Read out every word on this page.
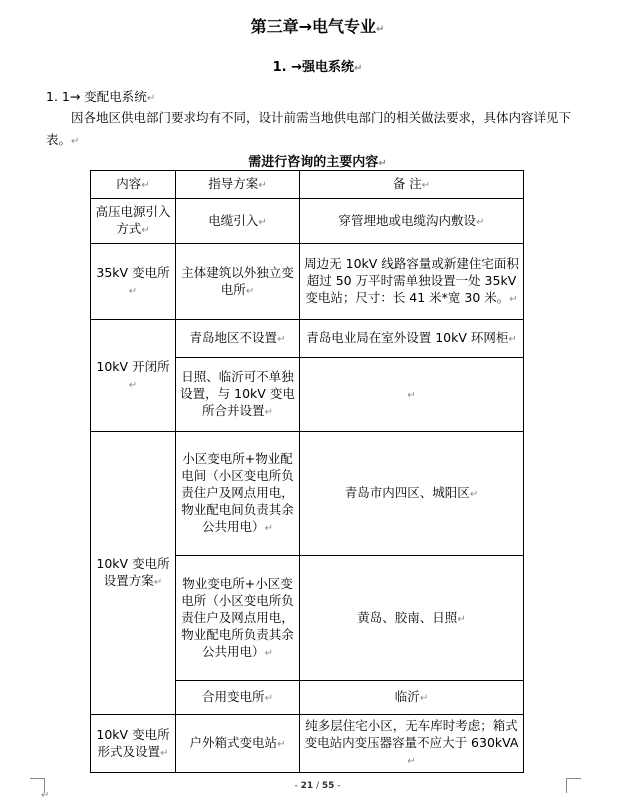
第三章→电气专业↵
1. →强电系统↵
1. 1→ 变配电系统↵
因各地区供电部门要求均有不同，设计前需当地供电部门的相关做法要求，具体内容详见下表。↵
需进行咨询的主要内容↵
内容↵	指导方案↵	备 注↵
高压电源引入方式↵	电缆引入↵	穿管埋地或电缆沟内敷设↵
35kV 变电所↵	主体建筑以外独立变电所↵	周边无 10kV 线路容量或新建住宅面积超过 50 万平时需单独设置一处 35kV 变电站；尺寸：长 41 米*宽 30 米。↵
10kV 开闭所↵	青岛地区不设置↵	青岛电业局在室外设置 10kV 环网柜↵
	日照、临沂可不单独设置，与 10kV 变电所合并设置↵	↵
10kV 变电所设置方案↵	小区变电所+物业配电间（小区变电所负责住户及网点用电，物业配电间负责其余公共用电）↵	青岛市内四区、城阳区↵
	物业变电所+小区变电所（小区变电所负责住户及网点用电，物业配电所负责其余公共用电）↵	黄岛、胶南、日照↵
	合用变电所↵	临沂↵
10kV 变电所形式及设置↵	户外箱式变电站↵	纯多层住宅小区，无车库时考虑；箱式变电站内变压器容量不应大于 630kVA↵
- 21 / 55 -
↵
